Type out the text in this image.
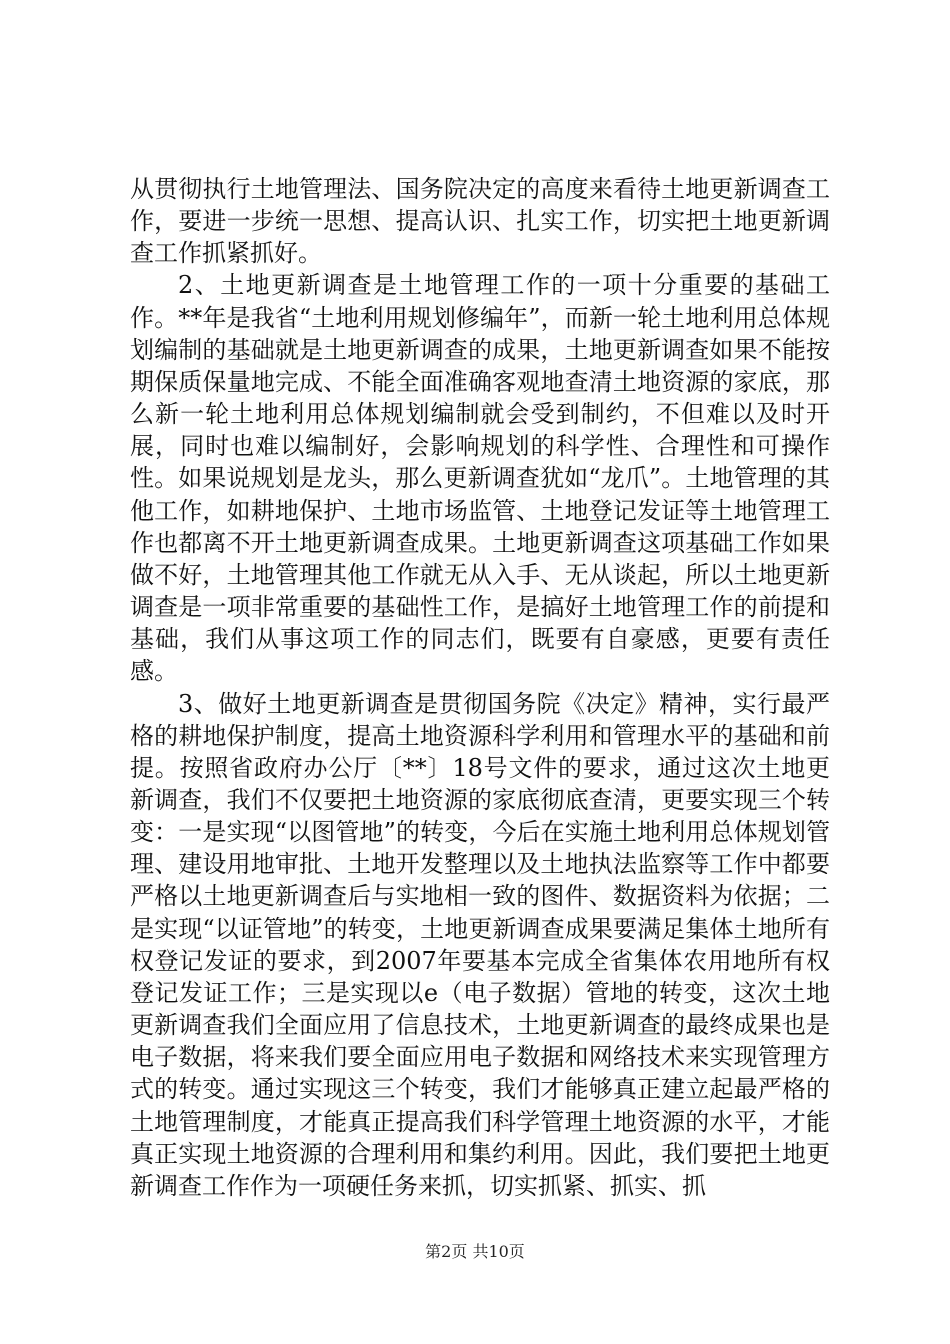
从贯彻执行土地管理法、国务院决定的高度来看待土地更新调查工作，要进一步统一思想、提高认识、扎实工作，切实把土地更新调查工作抓紧抓好。

2、土地更新调查是土地管理工作的一项十分重要的基础工作。**年是我省“土地利用规划修编年”，而新一轮土地利用总体规划编制的基础就是土地更新调查的成果，土地更新调查如果不能按期保质保量地完成、不能全面准确客观地查清土地资源的家底，那么新一轮土地利用总体规划编制就会受到制约，不但难以及时开展，同时也难以编制好，会影响规划的科学性、合理性和可操作性。如果说规划是龙头，那么更新调查犹如“龙爪”。土地管理的其他工作，如耕地保护、土地市场监管、土地登记发证等土地管理工作也都离不开土地更新调查成果。土地更新调查这项基础工作如果做不好，土地管理其他工作就无从入手、无从谈起，所以土地更新调查是一项非常重要的基础性工作，是搞好土地管理工作的前提和基础，我们从事这项工作的同志们，既要有自豪感，更要有责任感。

3、做好土地更新调查是贯彻国务院《决定》精神，实行最严格的耕地保护制度，提高土地资源科学利用和管理水平的基础和前提。按照省政府办公厅〔**〕18号文件的要求，通过这次土地更新调查，我们不仅要把土地资源的家底彻底查清，更要实现三个转变：一是实现“以图管地”的转变，今后在实施土地利用总体规划管理、建设用地审批、土地开发整理以及土地执法监察等工作中都要严格以土地更新调查后与实地相一致的图件、数据资料为依据；二是实现“以证管地”的转变，土地更新调查成果要满足集体土地所有权登记发证的要求，到2007年要基本完成全省集体农用地所有权登记发证工作；三是实现以e（电子数据）管地的转变，这次土地更新调查我们全面应用了信息技术，土地更新调查的最终成果也是电子数据，将来我们要全面应用电子数据和网络技术来实现管理方式的转变。通过实现这三个转变，我们才能够真正建立起最严格的土地管理制度，才能真正提高我们科学管理土地资源的水平，才能真正实现土地资源的合理利用和集约利用。因此，我们要把土地更新调查工作作为一项硬任务来抓，切实抓紧、抓实、抓

第2页 共10页
